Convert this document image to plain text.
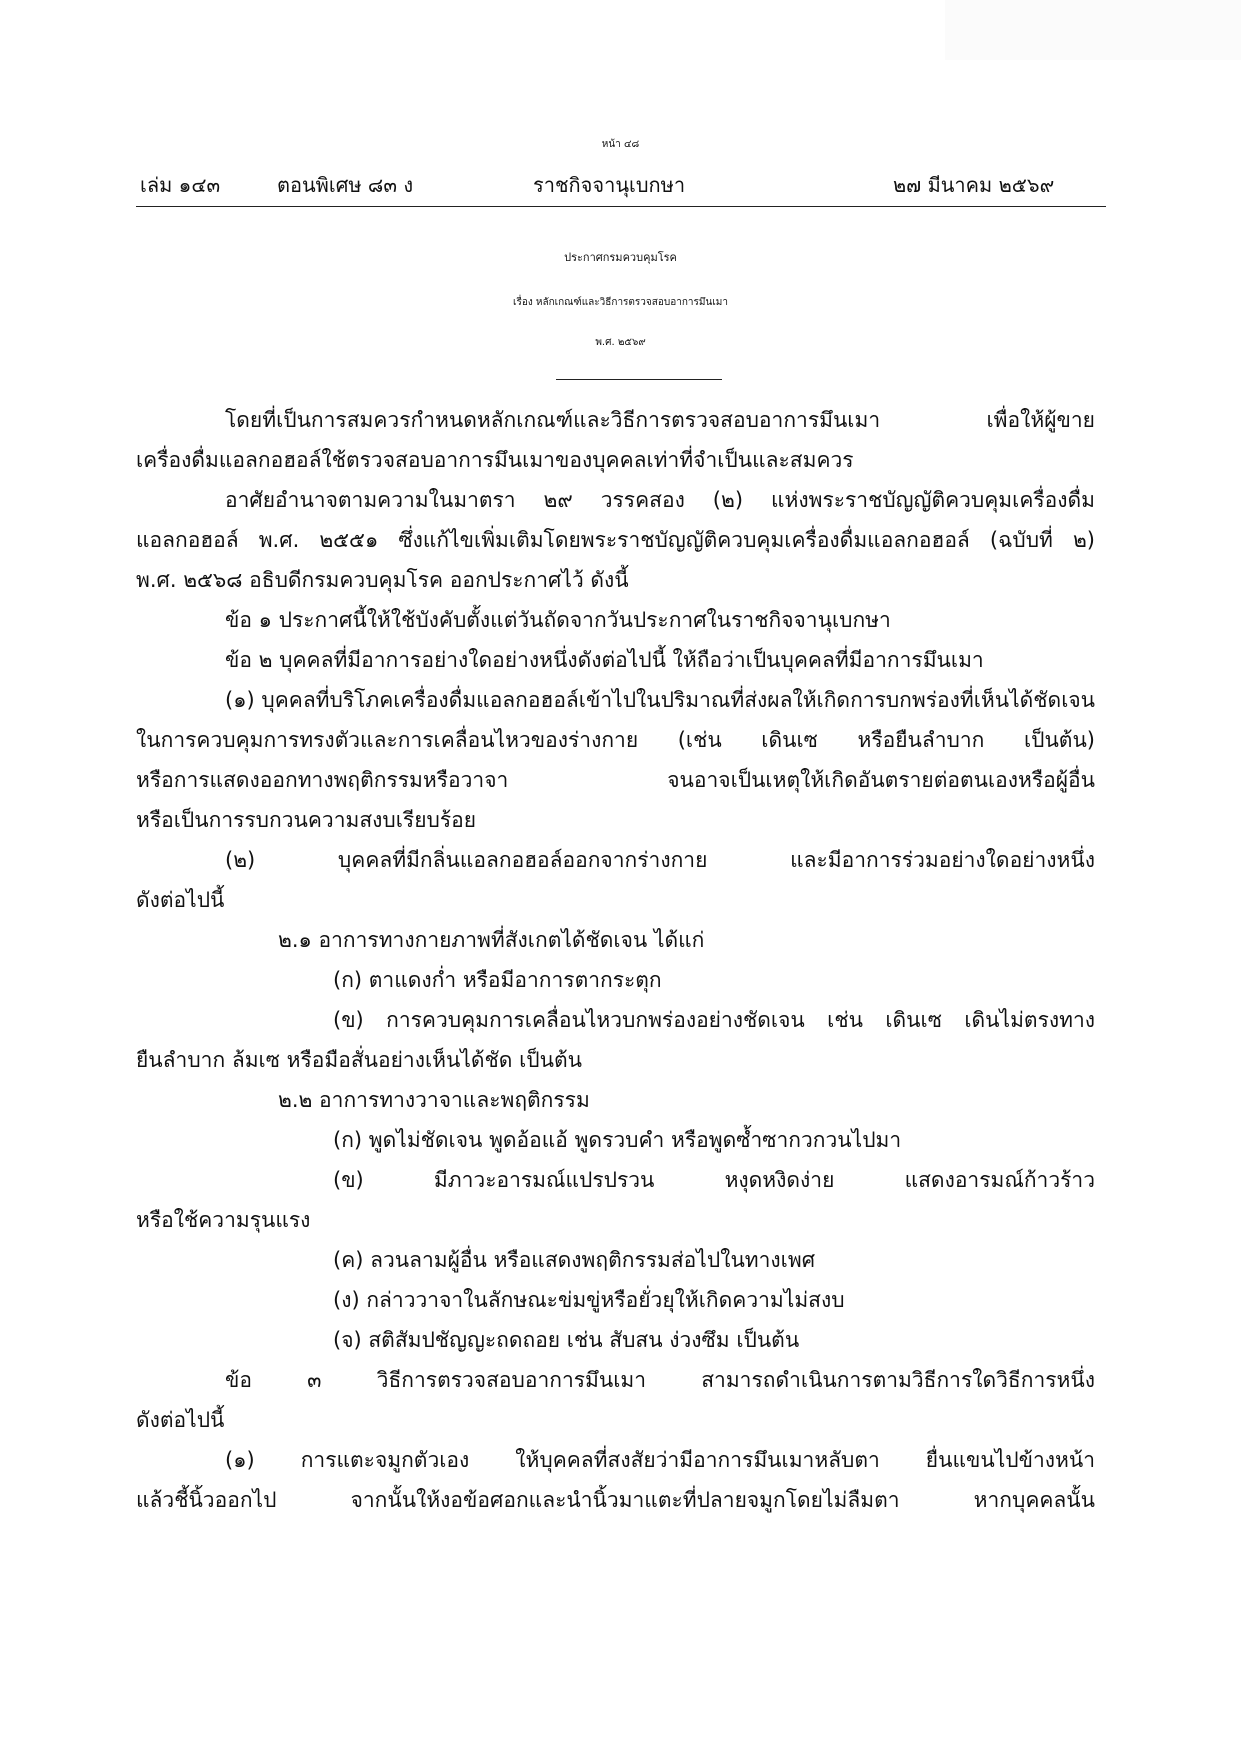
หน้า ๔๘
เล่ม ๑๔๓	ตอนพิเศษ ๘๓ ง	ราชกิจจานุเบกษา	๒๗ มีนาคม ๒๕๖๙
ประกาศกรมควบคุมโรค
เรื่อง หลักเกณฑ์และวิธีการตรวจสอบอาการมึนเมา
พ.ศ. ๒๕๖๙
โดยที่เป็นการสมควรกำหนดหลักเกณฑ์และวิธีการตรวจสอบอาการมึนเมา เพื่อให้ผู้ขาย
เครื่องดื่มแอลกอฮอล์ใช้ตรวจสอบอาการมึนเมาของบุคคลเท่าที่จำเป็นและสมควร
อาศัยอำนาจตามความในมาตรา ๒๙ วรรคสอง (๒) แห่งพระราชบัญญัติควบคุมเครื่องดื่ม
แอลกอฮอล์ พ.ศ. ๒๕๕๑ ซึ่งแก้ไขเพิ่มเติมโดยพระราชบัญญัติควบคุมเครื่องดื่มแอลกอฮอล์ (ฉบับที่ ๒)
พ.ศ. ๒๕๖๘ อธิบดีกรมควบคุมโรค ออกประกาศไว้ ดังนี้
ข้อ ๑ ประกาศนี้ให้ใช้บังคับตั้งแต่วันถัดจากวันประกาศในราชกิจจานุเบกษา
ข้อ ๒ บุคคลที่มีอาการอย่างใดอย่างหนึ่งดังต่อไปนี้ ให้ถือว่าเป็นบุคคลที่มีอาการมึนเมา
(๑) บุคคลที่บริโภคเครื่องดื่มแอลกอฮอล์เข้าไปในปริมาณที่ส่งผลให้เกิดการบกพร่องที่เห็นได้ชัดเจน
ในการควบคุมการทรงตัวและการเคลื่อนไหวของร่างกาย (เช่น เดินเซ หรือยืนลำบาก เป็นต้น)
หรือการแสดงออกทางพฤติกรรมหรือวาจา จนอาจเป็นเหตุให้เกิดอันตรายต่อตนเองหรือผู้อื่น
หรือเป็นการรบกวนความสงบเรียบร้อย
(๒) บุคคลที่มีกลิ่นแอลกอฮอล์ออกจากร่างกาย และมีอาการร่วมอย่างใดอย่างหนึ่ง
ดังต่อไปนี้
๒.๑ อาการทางกายภาพที่สังเกตได้ชัดเจน ได้แก่
(ก) ตาแดงก่ำ หรือมีอาการตากระตุก
(ข) การควบคุมการเคลื่อนไหวบกพร่องอย่างชัดเจน เช่น เดินเซ เดินไม่ตรงทาง
ยืนลำบาก ล้มเซ หรือมือสั่นอย่างเห็นได้ชัด เป็นต้น
๒.๒ อาการทางวาจาและพฤติกรรม
(ก) พูดไม่ชัดเจน พูดอ้อแอ้ พูดรวบคำ หรือพูดซ้ำซากวกวนไปมา
(ข) มีภาวะอารมณ์แปรปรวน หงุดหงิดง่าย แสดงอารมณ์ก้าวร้าว
หรือใช้ความรุนแรง
(ค) ลวนลามผู้อื่น หรือแสดงพฤติกรรมส่อไปในทางเพศ
(ง) กล่าววาจาในลักษณะข่มขู่หรือยั่วยุให้เกิดความไม่สงบ
(จ) สติสัมปชัญญะถดถอย เช่น สับสน ง่วงซึม เป็นต้น
ข้อ ๓ วิธีการตรวจสอบอาการมึนเมา สามารถดำเนินการตามวิธีการใดวิธีการหนึ่ง
ดังต่อไปนี้
(๑) การแตะจมูกตัวเอง ให้บุคคลที่สงสัยว่ามีอาการมึนเมาหลับตา ยื่นแขนไปข้างหน้า
แล้วชี้นิ้วออกไป จากนั้นให้งอข้อศอกและนำนิ้วมาแตะที่ปลายจมูกโดยไม่ลืมตา หากบุคคลนั้น
